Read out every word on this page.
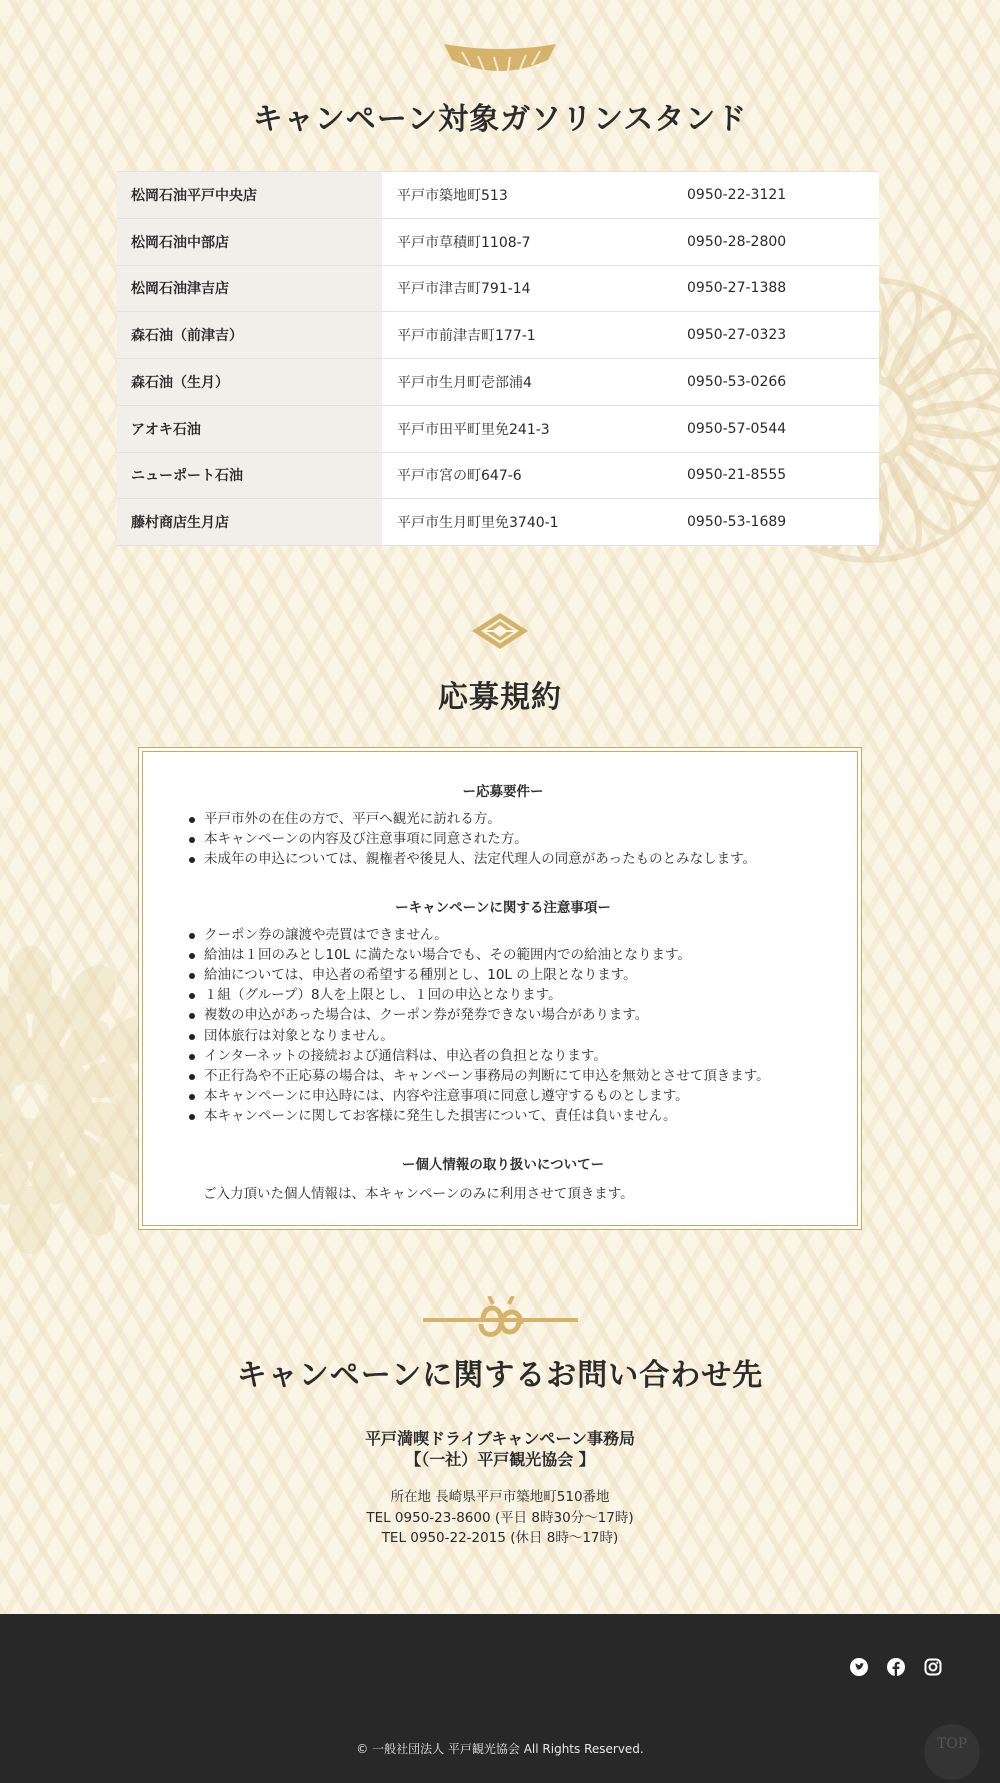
キャンペーン対象ガソリンスタンド
松岡石油平戸中央店	平戸市築地町513	0950-22-3121
松岡石油中部店	平戸市草積町1108-7	0950-28-2800
松岡石油津吉店	平戸市津吉町791-14	0950-27-1388
森石油（前津吉）	平戸市前津吉町177-1	0950-27-0323
森石油（生月）	平戸市生月町壱部浦4	0950-53-0266
アオキ石油	平戸市田平町里免241-3	0950-57-0544
ニューポート石油	平戸市宮の町647-6	0950-21-8555
藤村商店生月店	平戸市生月町里免3740-1	0950-53-1689
応募規約
ー応募要件ー
平戸市外の在住の方で、平戸へ観光に訪れる方。
本キャンペーンの内容及び注意事項に同意された方。
未成年の申込については、親権者や後見人、法定代理人の同意があったものとみなします。
ーキャンペーンに関する注意事項ー
クーポン券の譲渡や売買はできません。
給油は１回のみとし10L に満たない場合でも、その範囲内での給油となります。
給油については、申込者の希望する種別とし、10L の上限となります。
１組（グループ）8人を上限とし、１回の申込となります。
複数の申込があった場合は、クーポン券が発券できない場合があります。
団体旅行は対象となりません。
インターネットの接続および通信料は、申込者の負担となります。
不正行為や不正応募の場合は、キャンペーン事務局の判断にて申込を無効とさせて頂きます。
本キャンペーンに申込時には、内容や注意事項に同意し遵守するものとします。
本キャンペーンに関してお客様に発生した損害について、責任は負いません。
ー個人情報の取り扱いについてー

ご入力頂いた個人情報は、本キャンペーンのみに利用させて頂きます。

キャンペーンに関するお問い合わせ先
平戸満喫ドライブキャンペーン事務局
【（一社）平戸観光協会 】
所在地 長崎県平戸市築地町510番地
TEL 0950-23-8600 (平日 8時30分〜17時)
TEL 0950-22-2015 (休日 8時〜17時)
© 一般社団法人 平戸観光協会 All Rights Reserved.	TOP
